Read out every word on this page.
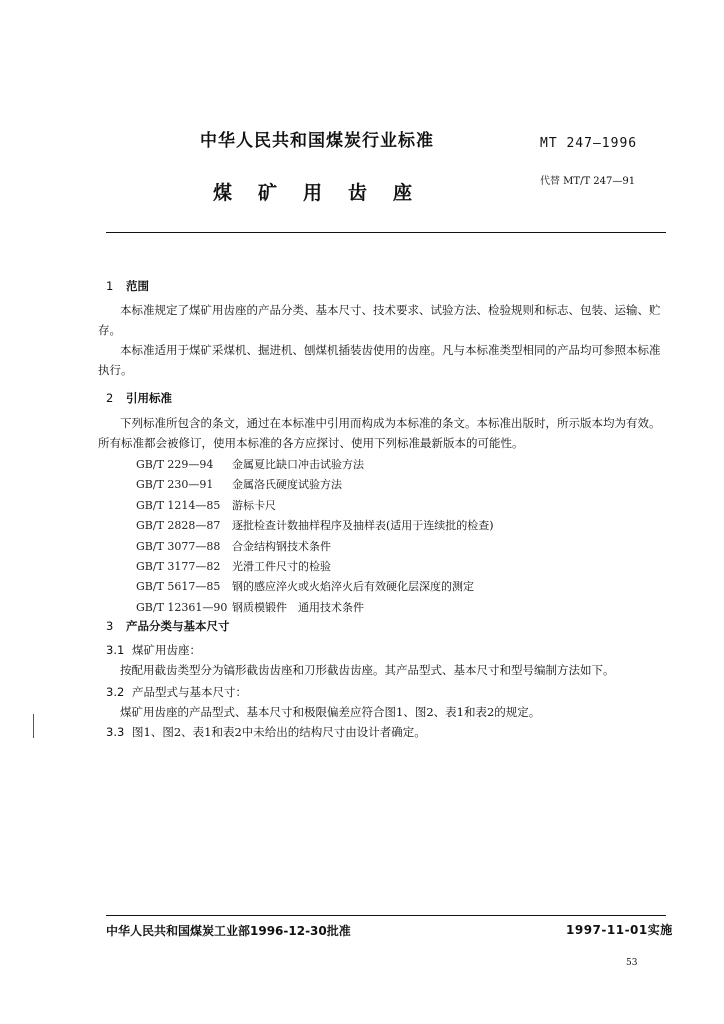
中华人民共和国煤炭行业标准	MT 247—1996
煤矿用齿座
代替 MT/T 247—91
1 范围
本标准规定了煤矿用齿座的产品分类、基本尺寸、技术要求、试验方法、检验规则和标志、包装、运输、贮存。
本标准适用于煤矿采煤机、掘进机、刨煤机插装齿使用的齿座。凡与本标准类型相同的产品均可参照本标准执行。
2 引用标准
下列标准所包含的条文，通过在本标准中引用而构成为本标准的条文。本标准出版时，所示版本均为有效。所有标准都会被修订，使用本标准的各方应探讨、使用下列标准最新版本的可能性。
GB/T 229—94 金属夏比缺口冲击试验方法
GB/T 230—91 金属洛氏硬度试验方法
GB/T 1214—85 游标卡尺
GB/T 2828—87 逐批检查计数抽样程序及抽样表(适用于连续批的检查)
GB/T 3077—88 合金结构钢技术条件
GB/T 3177—82 光滑工件尺寸的检验
GB/T 5617—85 钢的感应淬火或火焰淬火后有效硬化层深度的测定
GB/T 12361—90 钢质模锻件　通用技术条件
3 产品分类与基本尺寸
3.1 煤矿用齿座：
按配用截齿类型分为镐形截齿齿座和刀形截齿齿座。其产品型式、基本尺寸和型号编制方法如下。
3.2 产品型式与基本尺寸：
煤矿用齿座的产品型式、基本尺寸和极限偏差应符合图1、图2、表1和表2的规定。
3.3 图1、图2、表1和表2中未给出的结构尺寸由设计者确定。
中华人民共和国煤炭工业部1996-12-30批准	1997-11-01实施
53
